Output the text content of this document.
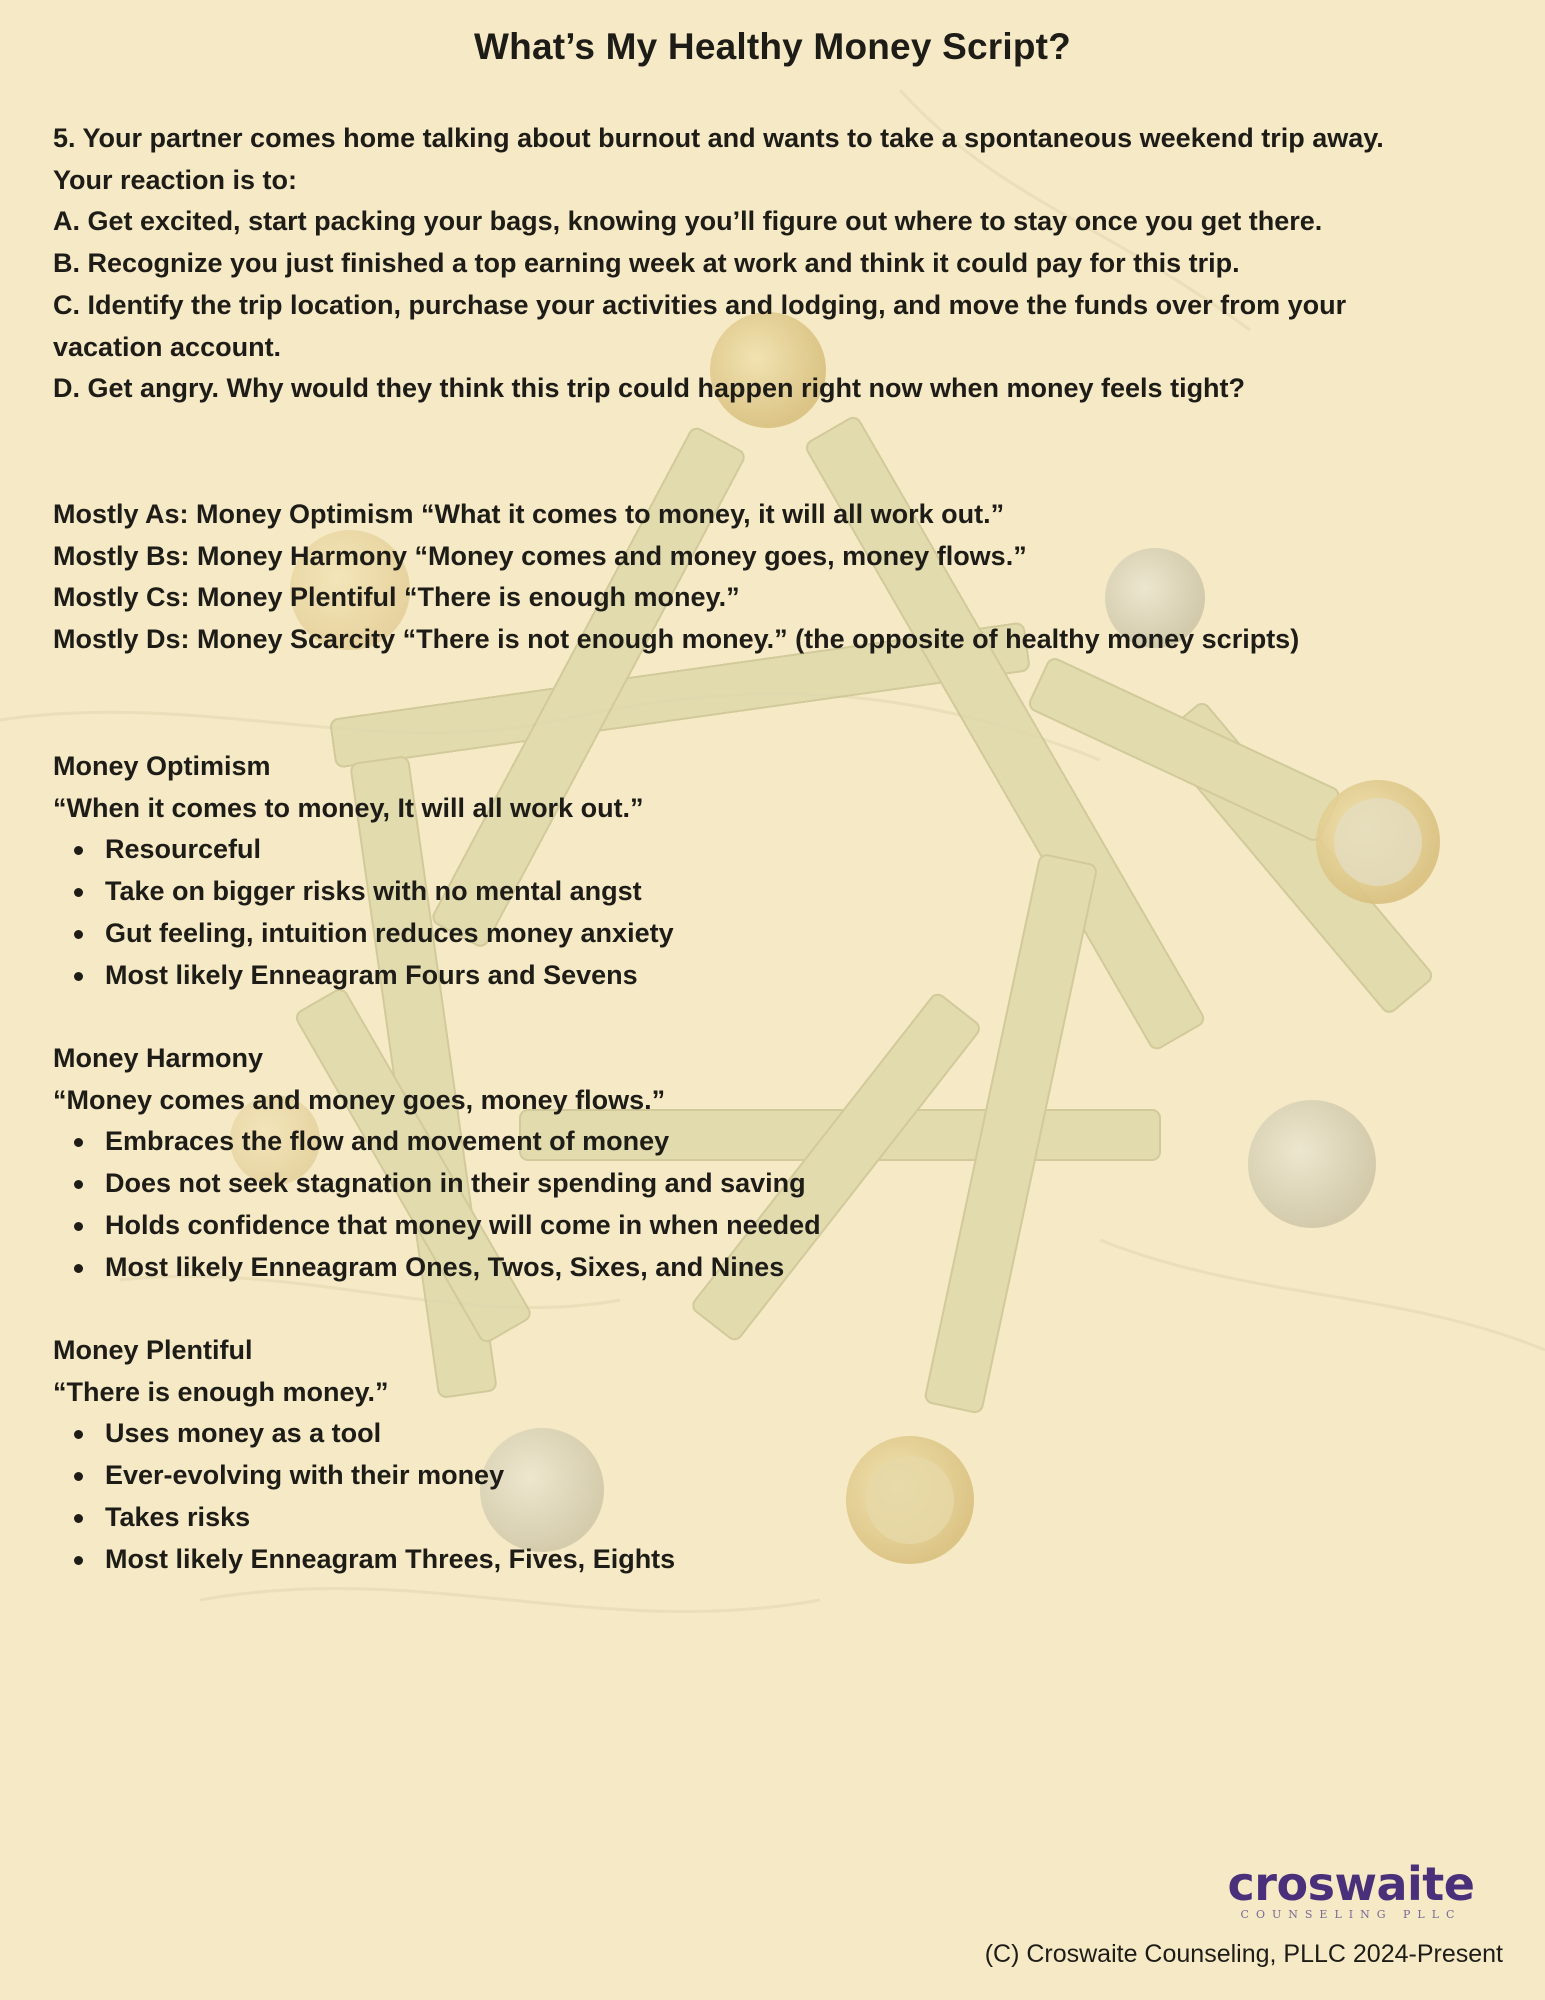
What’s My Healthy Money Script?

5. Your partner comes home talking about burnout and wants to take a spontaneous weekend trip away.

Your reaction is to:

A. Get excited, start packing your bags, knowing you’ll figure out where to stay once you get there.

B. Recognize you just finished a top earning week at work and think it could pay for this trip.

C. Identify the trip location, purchase your activities and lodging, and move the funds over from your

vacation account.

D. Get angry. Why would they think this trip could happen right now when money feels tight?

Mostly As: Money Optimism “What it comes to money, it will all work out.”

Mostly Bs: Money Harmony “Money comes and money goes, money flows.”

Mostly Cs: Money Plentiful “There is enough money.”

Mostly Ds: Money Scarcity “There is not enough money.” (the opposite of healthy money scripts)

Money Optimism

“When it comes to money, It will all work out.”

Resourceful
Take on bigger risks with no mental angst
Gut feeling, intuition reduces money anxiety
Most likely Enneagram Fours and Sevens

Money Harmony

“Money comes and money goes, money flows.”

Embraces the flow and movement of money
Does not seek stagnation in their spending and saving
Holds confidence that money will come in when needed
Most likely Enneagram Ones, Twos, Sixes, and Nines

Money Plentiful

“There is enough money.”

Uses money as a tool
Ever-evolving with their money
Takes risks
Most likely Enneagram Threes, Fives, Eights
croswaite
COUNSELING PLLC
(C) Croswaite Counseling, PLLC 2024-Present
